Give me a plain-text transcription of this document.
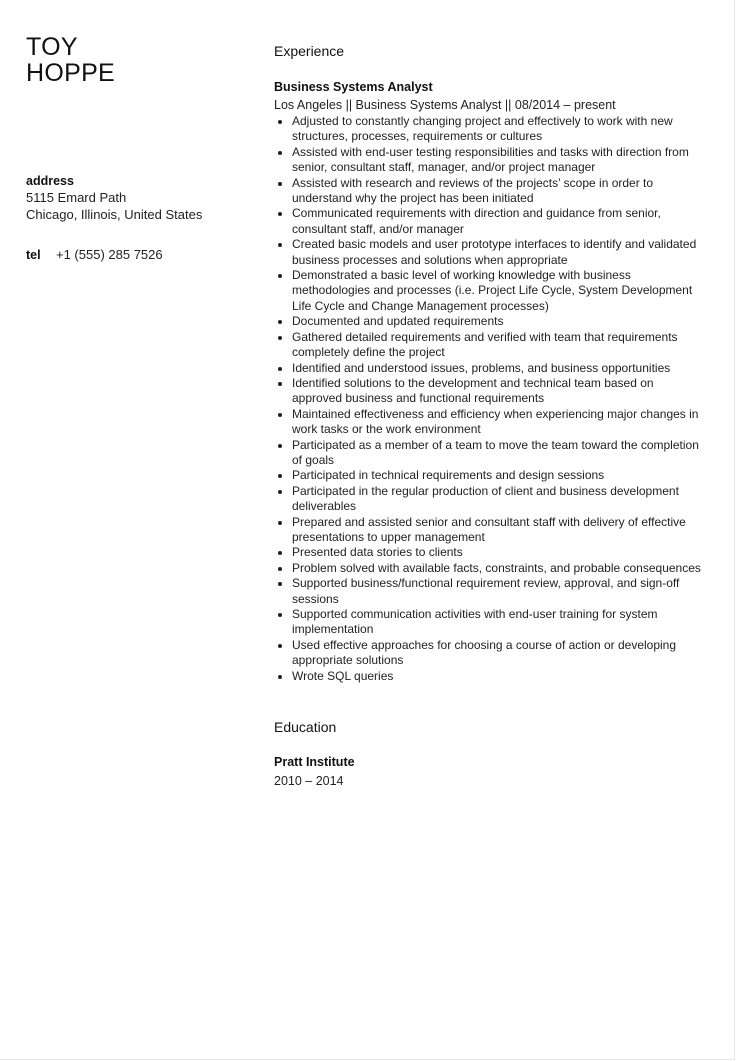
TOY
HOPPE
address
5115 Emard Path
Chicago, Illinois, United States
tel	+1 (555) 285 7526
Experience
Business Systems Analyst
Los Angeles || Business Systems Analyst || 08/2014 – present
Adjusted to constantly changing project and effectively to work with new structures, processes, requirements or cultures
Assisted with end-user testing responsibilities and tasks with direction from senior, consultant staff, manager, and/or project manager
Assisted with research and reviews of the projects’ scope in order to understand why the project has been initiated
Communicated requirements with direction and guidance from senior, consultant staff, and/or manager
Created basic models and user prototype interfaces to identify and validated business processes and solutions when appropriate
Demonstrated a basic level of working knowledge with business methodologies and processes (i.e. Project Life Cycle, System Development Life Cycle and Change Management processes)
Documented and updated requirements
Gathered detailed requirements and verified with team that requirements completely define the project
Identified and understood issues, problems, and business opportunities
Identified solutions to the development and technical team based on approved business and functional requirements
Maintained effectiveness and efficiency when experiencing major changes in work tasks or the work environment
Participated as a member of a team to move the team toward the completion of goals
Participated in technical requirements and design sessions
Participated in the regular production of client and business development deliverables
Prepared and assisted senior and consultant staff with delivery of effective presentations to upper management
Presented data stories to clients
Problem solved with available facts, constraints, and probable consequences
Supported business/functional requirement review, approval, and sign-off sessions
Supported communication activities with end-user training for system implementation
Used effective approaches for choosing a course of action or developing appropriate solutions
Wrote SQL queries
Education
Pratt Institute
2010 – 2014
